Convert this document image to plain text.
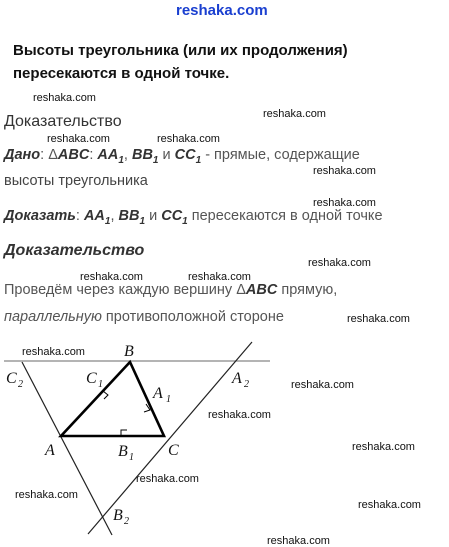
reshaka.com
reshaka.com
reshaka.com
reshaka.com	reshaka.com
reshaka.com
reshaka.com
reshaka.com
reshaka.com	reshaka.com
reshaka.com
reshaka.com
reshaka.com
reshaka.com
reshaka.com
reshaka.com
reshaka.com
reshaka.com
reshaka.com
Высоты треугольника (или их продолжения)
пересекаются в одной точке.
Доказательство
Дано: ΔABC: $AA_1$, $BB_1$ и $CC_1$ - прямые, содержащие
высоты треугольника
Доказать: $AA_1$, $BB_1$ и $CC_1$ пересекаются в одной точке
Доказательство
Проведём через каждую вершину ΔABC прямую,
параллельную противоположной стороне
B
A	C
C 1
A 1
B 1
C 2	A 2
B 2
